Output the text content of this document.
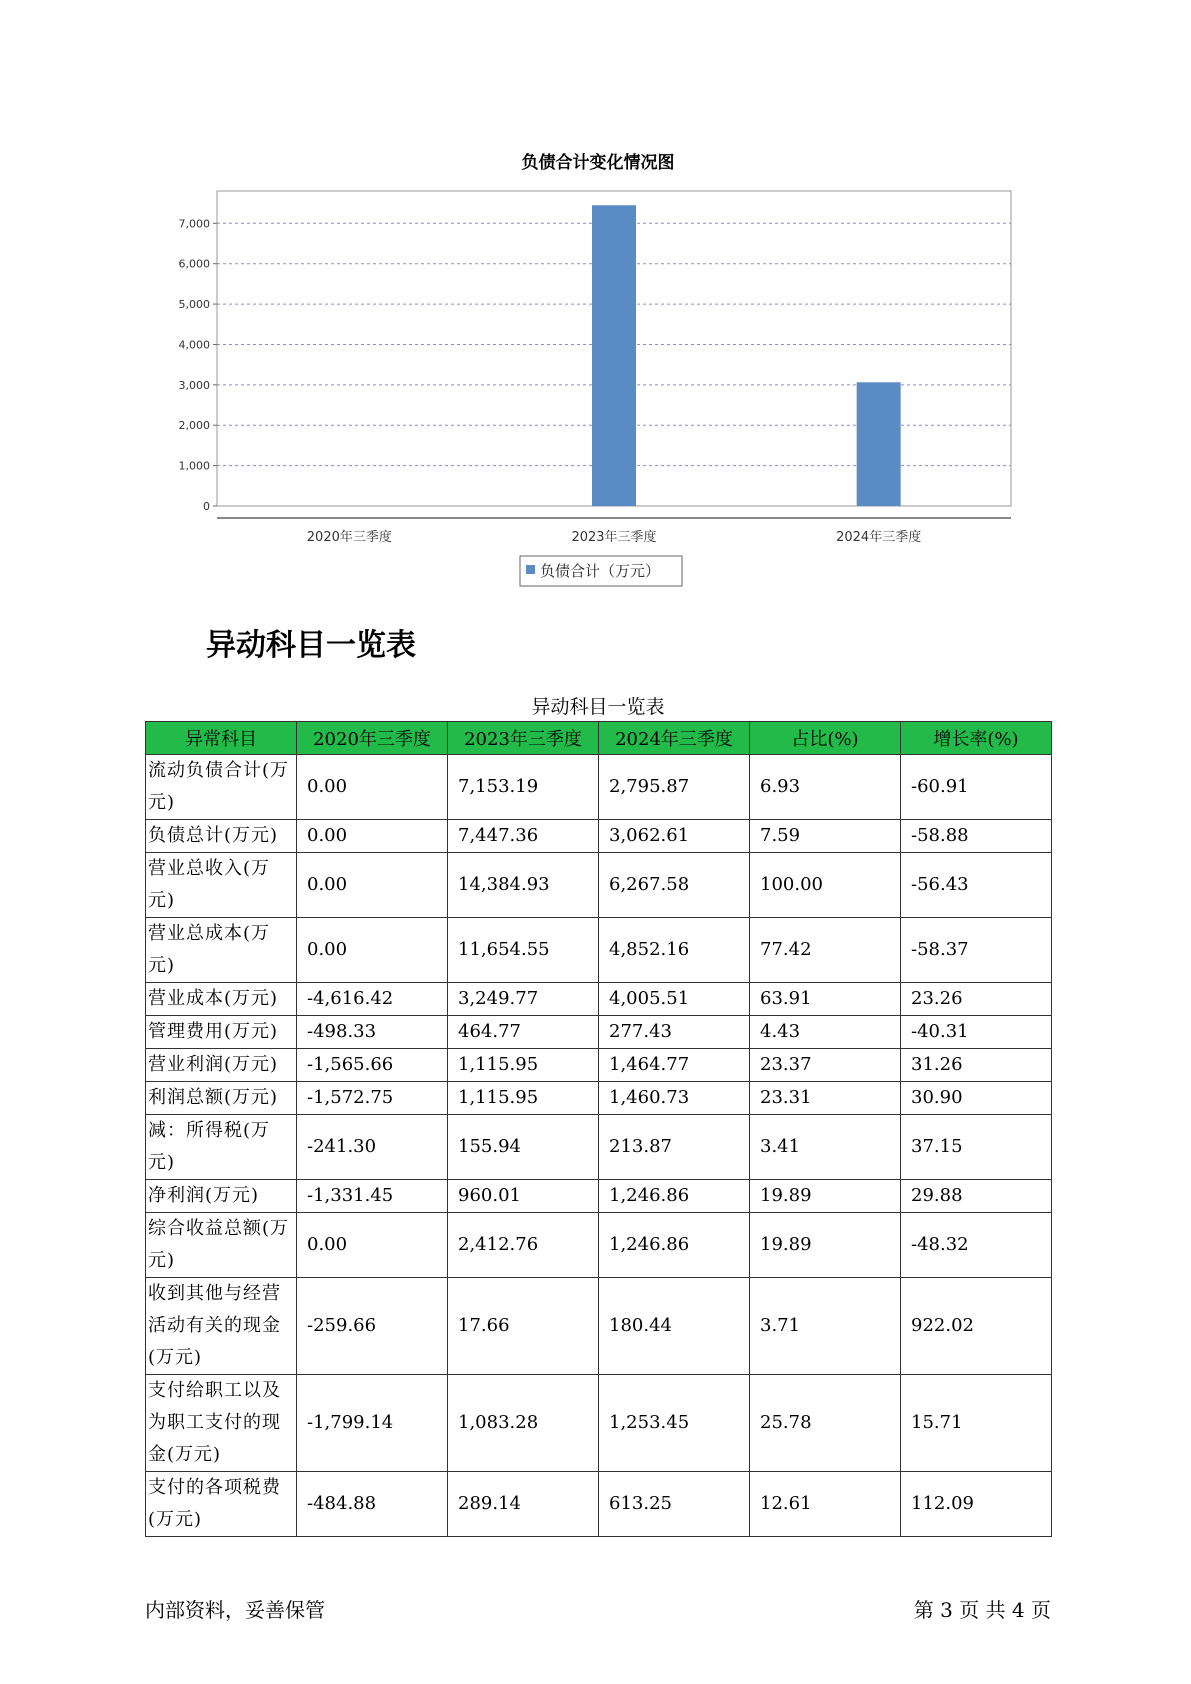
负债合计变化情况图
0
1,000
2,000
3,000
4,000
5,000
6,000
7,000
2020年三季度	2023年三季度	2024年三季度
负债合计（万元）
异动科目一览表
异动科目一览表
异常科目	2020年三季度	2023年三季度	2024年三季度	占比(%)	增长率(%)
流动负债合计(万元)	0.00	7,153.19	2,795.87	6.93	-60.91
负债总计(万元)	0.00	7,447.36	3,062.61	7.59	-58.88
营业总收入(万元)	0.00	14,384.93	6,267.58	100.00	-56.43
营业总成本(万元)	0.00	11,654.55	4,852.16	77.42	-58.37
营业成本(万元)	-4,616.42	3,249.77	4,005.51	63.91	23.26
管理费用(万元)	-498.33	464.77	277.43	4.43	-40.31
营业利润(万元)	-1,565.66	1,115.95	1,464.77	23.37	31.26
利润总额(万元)	-1,572.75	1,115.95	1,460.73	23.31	30.90
减：所得税(万元)	-241.30	155.94	213.87	3.41	37.15
净利润(万元)	-1,331.45	960.01	1,246.86	19.89	29.88
综合收益总额(万元)	0.00	2,412.76	1,246.86	19.89	-48.32
收到其他与经营活动有关的现金(万元)	-259.66	17.66	180.44	3.71	922.02
支付给职工以及为职工支付的现金(万元)	-1,799.14	1,083.28	1,253.45	25.78	15.71
支付的各项税费(万元)	-484.88	289.14	613.25	12.61	112.09
内部资料，妥善保管	第 3 页 共 4 页
